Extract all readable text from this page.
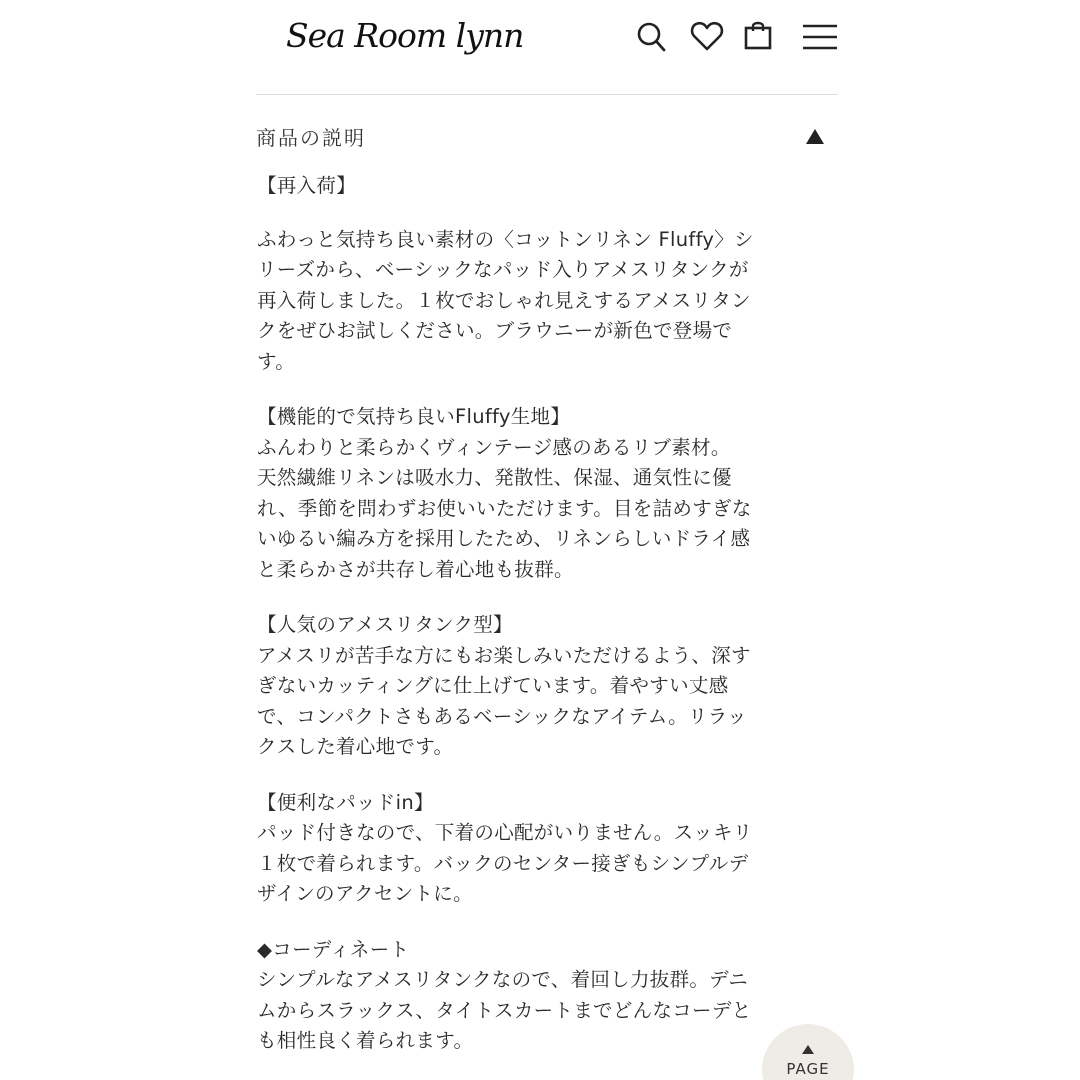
Sea Room lynn
商品の説明

【再入荷】

ふわっと気持ち良い素材の〈コットンリネン Fluffy〉シ
リーズから、ベーシックなパッド入りアメスリタンクが
再入荷しました。１枚でおしゃれ見えするアメスリタン
クをぜひお試しください。ブラウニーが新色で登場で
す。

【機能的で気持ち良いFluffy生地】
ふんわりと柔らかくヴィンテージ感のあるリブ素材。
天然繊維リネンは吸水力、発散性、保湿、通気性に優
れ、季節を問わずお使いいただけます。目を詰めすぎな
いゆるい編み方を採用したため、リネンらしいドライ感
と柔らかさが共存し着心地も抜群。

【人気のアメスリタンク型】
アメスリが苦手な方にもお楽しみいただけるよう、深す
ぎないカッティングに仕上げています。着やすい丈感
で、コンパクトさもあるベーシックなアイテム。リラッ
クスした着心地です。

【便利なパッドin】
パッド付きなので、下着の心配がいりません。スッキリ
１枚で着られます。バックのセンター接ぎもシンプルデ
ザインのアクセントに。

◆コーディネート
シンプルなアメスリタンクなので、着回し力抜群。デニ
ムからスラックス、タイトスカートまでどんなコーデと
も相性良く着られます。

PAGE
